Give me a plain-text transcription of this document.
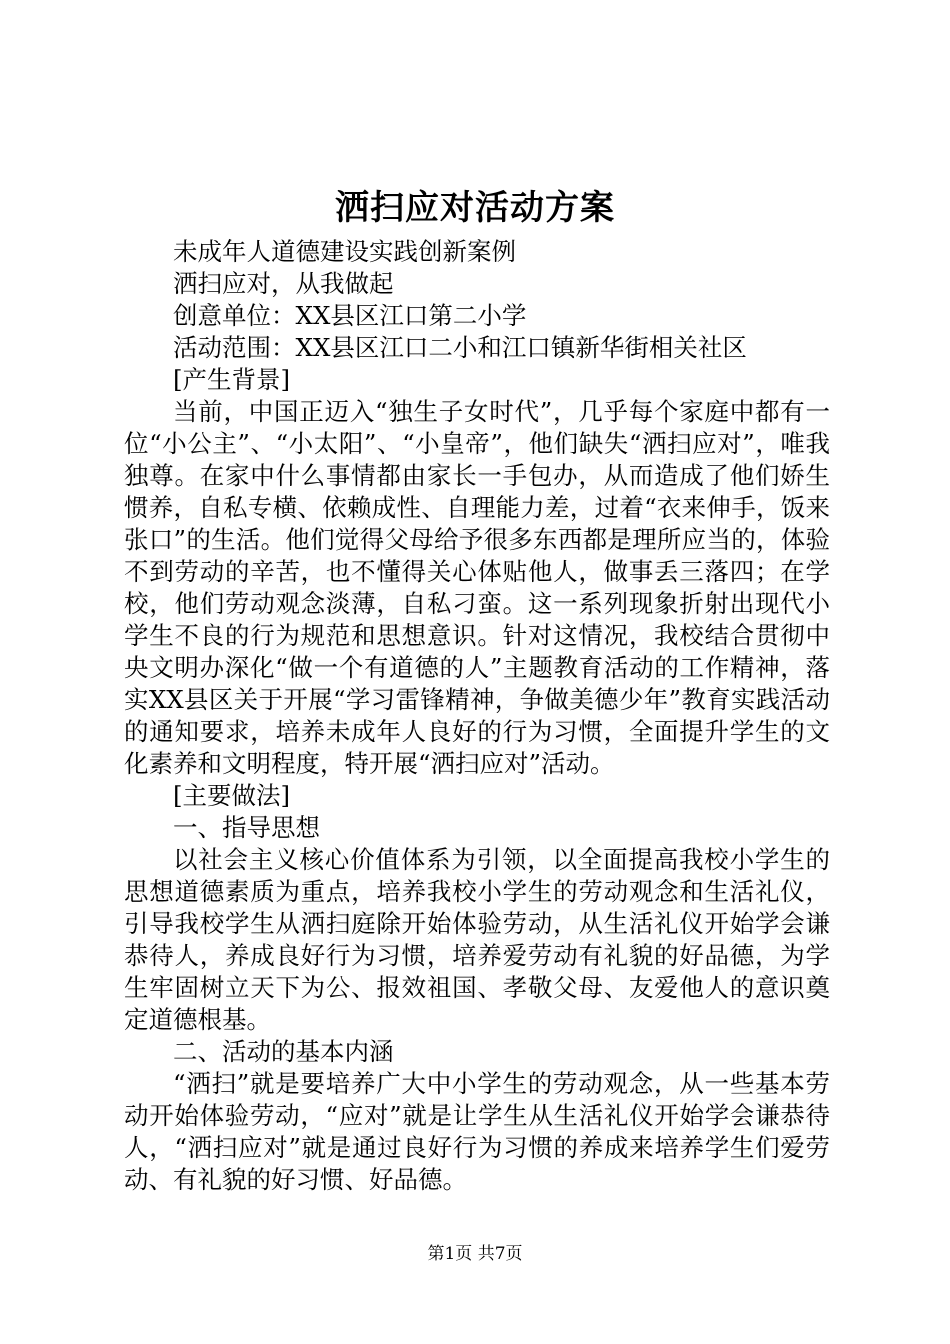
洒扫应对活动方案

未成年人道德建设实践创新案例

洒扫应对，从我做起

创意单位：XX县区江口第二小学

活动范围：XX县区江口二小和江口镇新华街相关社区

[产生背景]

当前，中国正迈入“独生子女时代”，几乎每个家庭中都有一位“小公主”、“小太阳”、“小皇帝”，他们缺失“洒扫应对”，唯我独尊。在家中什么事情都由家长一手包办，从而造成了他们娇生惯养，自私专横、依赖成性、自理能力差，过着“衣来伸手，饭来张口”的生活。他们觉得父母给予很多东西都是理所应当的，体验不到劳动的辛苦，也不懂得关心体贴他人，做事丢三落四；在学校，他们劳动观念淡薄，自私刁蛮。这一系列现象折射出现代小学生不良的行为规范和思想意识。针对这情况，我校结合贯彻中央文明办深化“做一个有道德的人”主题教育活动的工作精神，落实XX县区关于开展“学习雷锋精神，争做美德少年”教育实践活动的通知要求，培养未成年人良好的行为习惯，全面提升学生的文化素养和文明程度，特开展“洒扫应对”活动。

[主要做法]

一、指导思想

以社会主义核心价值体系为引领，以全面提高我校小学生的思想道德素质为重点，培养我校小学生的劳动观念和生活礼仪，引导我校学生从洒扫庭除开始体验劳动，从生活礼仪开始学会谦恭待人，养成良好行为习惯，培养爱劳动有礼貌的好品德，为学生牢固树立天下为公、报效祖国、孝敬父母、友爱他人的意识奠定道德根基。

二、活动的基本内涵

“洒扫”就是要培养广大中小学生的劳动观念，从一些基本劳动开始体验劳动，“应对”就是让学生从生活礼仪开始学会谦恭待人，“洒扫应对”就是通过良好行为习惯的养成来培养学生们爱劳动、有礼貌的好习惯、好品德。

第1页 共7页
